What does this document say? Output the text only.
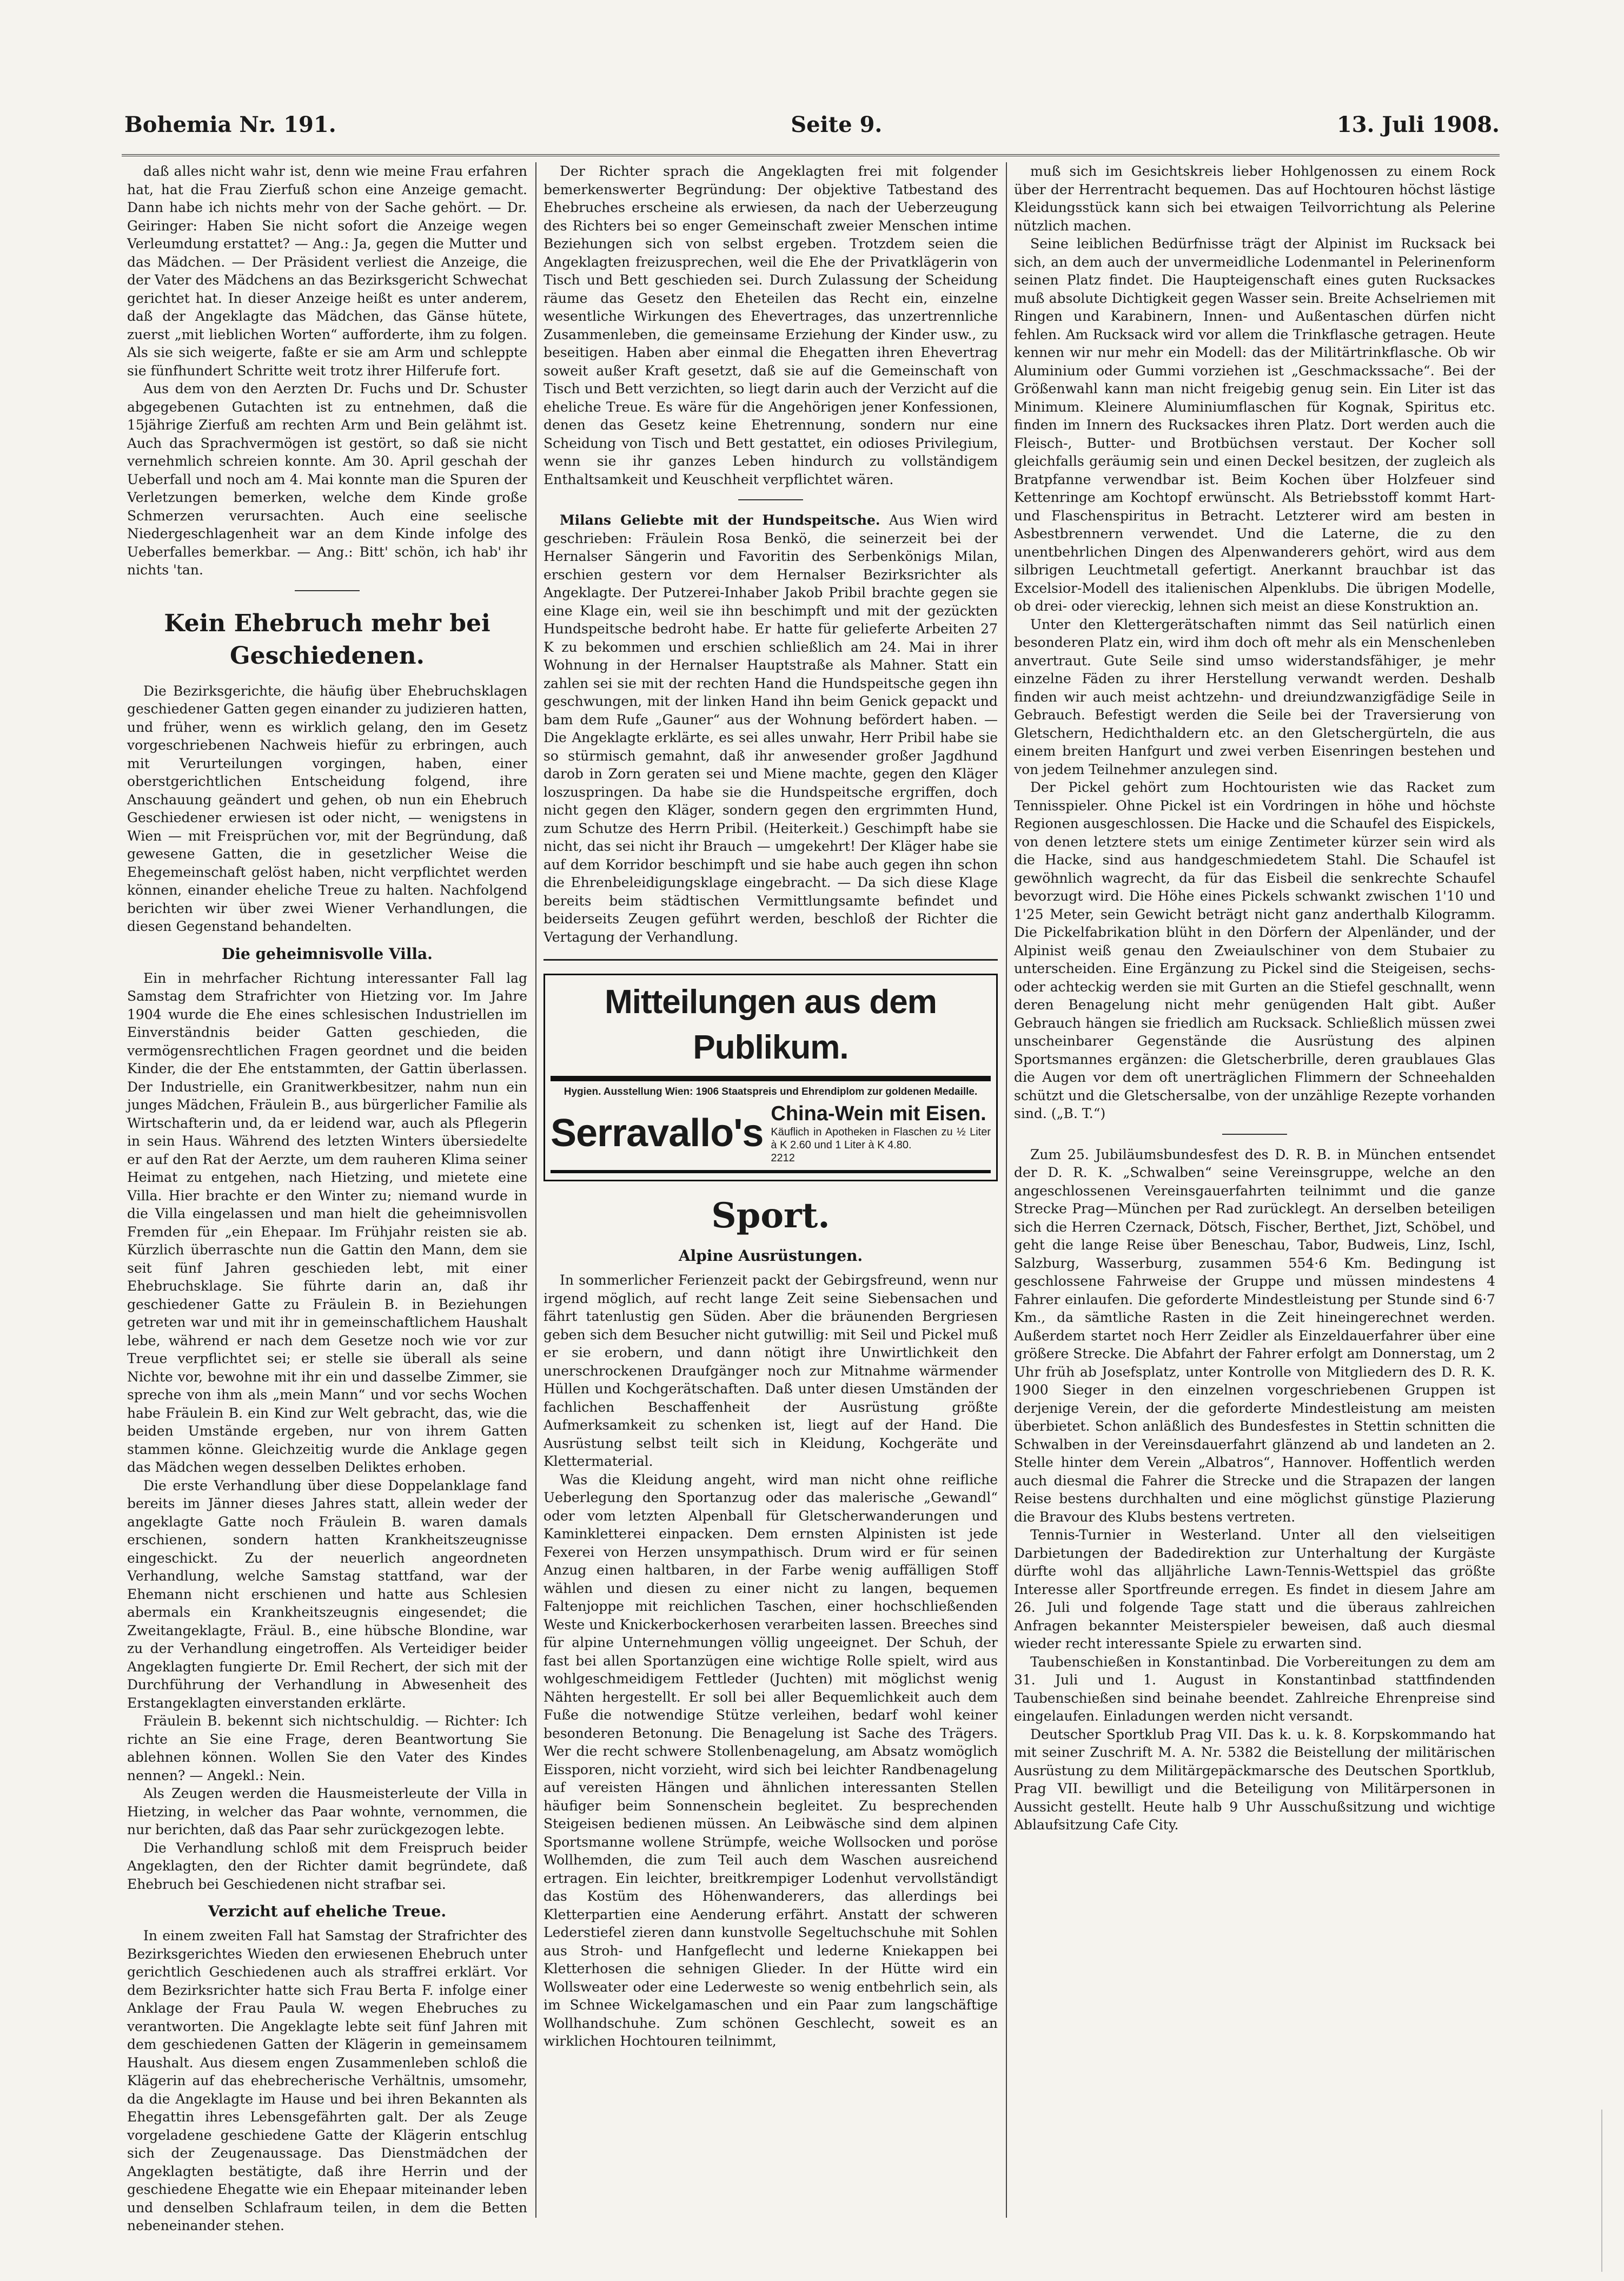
Bohemia Nr. 191.	Seite 9.	13. Juli 1908.

daß alles nicht wahr ist, denn wie meine Frau erfahren hat, hat die Frau Zierfuß schon eine Anzeige gemacht. Dann habe ich nichts mehr von der Sache gehört. — Dr. Geiringer: Haben Sie nicht sofort die Anzeige wegen Verleumdung erstattet? — Ang.: Ja, gegen die Mutter und das Mädchen. — Der Präsident verliest die Anzeige, die der Vater des Mädchens an das Bezirksgericht Schwechat gerichtet hat. In dieser Anzeige heißt es unter anderem, daß der Angeklagte das Mädchen, das Gänse hütete, zuerst „mit lieblichen Worten“ aufforderte, ihm zu folgen. Als sie sich weigerte, faßte er sie am Arm und schleppte sie fünfhundert Schritte weit trotz ihrer Hilferufe fort.

Aus dem von den Aerzten Dr. Fuchs und Dr. Schuster abgegebenen Gutachten ist zu entnehmen, daß die 15jährige Zierfuß am rechten Arm und Bein gelähmt ist. Auch das Sprachvermögen ist gestört, so daß sie nicht vernehmlich schreien konnte. Am 30. April geschah der Ueberfall und noch am 4. Mai konnte man die Spuren der Verletzungen bemerken, welche dem Kinde große Schmerzen verursachten. Auch eine seelische Niedergeschlagenheit war an dem Kinde infolge des Ueberfalles bemerkbar. — Ang.: Bitt' schön, ich hab' ihr nichts 'tan.

Kein Ehebruch mehr bei Geschiedenen.

Die Bezirksgerichte, die häufig über Ehebruchsklagen geschiedener Gatten gegen einander zu judizieren hatten, und früher, wenn es wirklich gelang, den im Gesetz vorgeschriebenen Nachweis hiefür zu erbringen, auch mit Verurteilungen vorgingen, haben, einer oberstgerichtlichen Entscheidung folgend, ihre Anschauung geändert und gehen, ob nun ein Ehebruch Geschiedener erwiesen ist oder nicht, — wenigstens in Wien — mit Freisprüchen vor, mit der Begründung, daß gewesene Gatten, die in gesetzlicher Weise die Ehegemeinschaft gelöst haben, nicht verpflichtet werden können, einander eheliche Treue zu halten. Nachfolgend berichten wir über zwei Wiener Verhandlungen, die diesen Gegenstand behandelten.

Die geheimnisvolle Villa.

Ein in mehrfacher Richtung interessanter Fall lag Samstag dem Strafrichter von Hietzing vor. Im Jahre 1904 wurde die Ehe eines schlesischen Industriellen im Einverständnis beider Gatten geschieden, die vermögensrechtlichen Fragen geordnet und die beiden Kinder, die der Ehe entstammten, der Gattin überlassen. Der Industrielle, ein Granitwerkbesitzer, nahm nun ein junges Mädchen, Fräulein B., aus bürgerlicher Familie als Wirtschafterin und, da er leidend war, auch als Pflegerin in sein Haus. Während des letzten Winters übersiedelte er auf den Rat der Aerzte, um dem rauheren Klima seiner Heimat zu entgehen, nach Hietzing, und mietete eine Villa. Hier brachte er den Winter zu; niemand wurde in die Villa eingelassen und man hielt die geheimnisvollen Fremden für „ein Ehepaar. Im Frühjahr reisten sie ab. Kürzlich überraschte nun die Gattin den Mann, dem sie seit fünf Jahren geschieden lebt, mit einer Ehebruchsklage. Sie führte darin an, daß ihr geschiedener Gatte zu Fräulein B. in Beziehungen getreten war und mit ihr in gemeinschaftlichem Haushalt lebe, während er nach dem Gesetze noch wie vor zur Treue verpflichtet sei; er stelle sie überall als seine Nichte vor, bewohne mit ihr ein und dasselbe Zimmer, sie spreche von ihm als „mein Mann“ und vor sechs Wochen habe Fräulein B. ein Kind zur Welt gebracht, das, wie die beiden Umstände ergeben, nur von ihrem Gatten stammen könne. Gleichzeitig wurde die Anklage gegen das Mädchen wegen desselben Deliktes erhoben.

Die erste Verhandlung über diese Doppelanklage fand bereits im Jänner dieses Jahres statt, allein weder der angeklagte Gatte noch Fräulein B. waren damals erschienen, sondern hatten Krankheitszeugnisse eingeschickt. Zu der neuerlich angeordneten Verhandlung, welche Samstag stattfand, war der Ehemann nicht erschienen und hatte aus Schlesien abermals ein Krankheitszeugnis eingesendet; die Zweitangeklagte, Fräul. B., eine hübsche Blondine, war zu der Verhandlung eingetroffen. Als Verteidiger beider Angeklagten fungierte Dr. Emil Rechert, der sich mit der Durchführung der Verhandlung in Abwesenheit des Erstangeklagten einverstanden erklärte.

Fräulein B. bekennt sich nichtschuldig. — Richter: Ich richte an Sie eine Frage, deren Beantwortung Sie ablehnen können. Wollen Sie den Vater des Kindes nennen? — Angekl.: Nein.

Als Zeugen werden die Hausmeisterleute der Villa in Hietzing, in welcher das Paar wohnte, vernommen, die nur berichten, daß das Paar sehr zurückgezogen lebte.

Die Verhandlung schloß mit dem Freispruch beider Angeklagten, den der Richter damit begründete, daß Ehebruch bei Geschiedenen nicht strafbar sei.

Verzicht auf eheliche Treue.

In einem zweiten Fall hat Samstag der Strafrichter des Bezirksgerichtes Wieden den erwiesenen Ehebruch unter gerichtlich Geschiedenen auch als straffrei erklärt. Vor dem Bezirksrichter hatte sich Frau Berta F. infolge einer Anklage der Frau Paula W. wegen Ehebruches zu verantworten. Die Angeklagte lebte seit fünf Jahren mit dem geschiedenen Gatten der Klägerin in gemeinsamem Haushalt. Aus diesem engen Zusammenleben schloß die Klägerin auf das ehebrecherische Verhältnis, umsomehr, da die Angeklagte im Hause und bei ihren Bekannten als Ehegattin ihres Lebensgefährten galt. Der als Zeuge vorgeladene geschiedene Gatte der Klägerin entschlug sich der Zeugenaussage. Das Dienstmädchen der Angeklagten bestätigte, daß ihre Herrin und der geschiedene Ehegatte wie ein Ehepaar miteinander leben und denselben Schlafraum teilen, in dem die Betten nebeneinander stehen.

Der Richter sprach die Angeklagten frei mit folgender bemerkenswerter Begründung: Der objektive Tatbestand des Ehebruches erscheine als erwiesen, da nach der Ueberzeugung des Richters bei so enger Gemeinschaft zweier Menschen intime Beziehungen sich von selbst ergeben. Trotzdem seien die Angeklagten freizusprechen, weil die Ehe der Privatklägerin von Tisch und Bett geschieden sei. Durch Zulassung der Scheidung räume das Gesetz den Eheteilen das Recht ein, einzelne wesentliche Wirkungen des Ehevertrages, das unzertrennliche Zusammenleben, die gemeinsame Erziehung der Kinder usw., zu beseitigen. Haben aber einmal die Ehegatten ihren Ehevertrag soweit außer Kraft gesetzt, daß sie auf die Gemeinschaft von Tisch und Bett verzichten, so liegt darin auch der Verzicht auf die eheliche Treue. Es wäre für die Angehörigen jener Konfessionen, denen das Gesetz keine Ehetrennung, sondern nur eine Scheidung von Tisch und Bett gestattet, ein odioses Privilegium, wenn sie ihr ganzes Leben hindurch zu vollständigem Enthaltsamkeit und Keuschheit verpflichtet wären.

Milans Geliebte mit der Hundspeitsche. Aus Wien wird geschrieben: Fräulein Rosa Benkö, die seinerzeit bei der Hernalser Sängerin und Favoritin des Serbenkönigs Milan, erschien gestern vor dem Hernalser Bezirksrichter als Angeklagte. Der Putzerei-Inhaber Jakob Pribil brachte gegen sie eine Klage ein, weil sie ihn beschimpft und mit der gezückten Hundspeitsche bedroht habe. Er hatte für gelieferte Arbeiten 27 K zu bekommen und erschien schließlich am 24. Mai in ihrer Wohnung in der Hernalser Hauptstraße als Mahner. Statt ein zahlen sei sie mit der rechten Hand die Hundspeitsche gegen ihn geschwungen, mit der linken Hand ihn beim Genick gepackt und bam dem Rufe „Gauner“ aus der Wohnung befördert haben. — Die Angeklagte erklärte, es sei alles unwahr, Herr Pribil habe sie so stürmisch gemahnt, daß ihr anwesender großer Jagdhund darob in Zorn geraten sei und Miene machte, gegen den Kläger loszuspringen. Da habe sie die Hundspeitsche ergriffen, doch nicht gegen den Kläger, sondern gegen den ergrimmten Hund, zum Schutze des Herrn Pribil. (Heiterkeit.) Geschimpft habe sie nicht, das sei nicht ihr Brauch — umgekehrt! Der Kläger habe sie auf dem Korridor beschimpft und sie habe auch gegen ihn schon die Ehrenbeleidigungsklage eingebracht. — Da sich diese Klage bereits beim städtischen Vermittlungsamte befindet und beiderseits Zeugen geführt werden, beschloß der Richter die Vertagung der Verhandlung.

Mitteilungen aus dem Publikum.
Hygien. Ausstellung Wien: 1906 Staatspreis und Ehrendiplom zur goldenen Medaille.
Serravallo's China-Wein mit Eisen.
Käuflich in Apotheken in Flaschen zu ½ Liter à K 2.60 und 1 Liter à K 4.80.
2212
Sport.
Alpine Ausrüstungen.

In sommerlicher Ferienzeit packt der Gebirgsfreund, wenn nur irgend möglich, auf recht lange Zeit seine Siebensachen und fährt tatenlustig gen Süden. Aber die bräunenden Bergriesen geben sich dem Besucher nicht gutwillig: mit Seil und Pickel muß er sie erobern, und dann nötigt ihre Unwirtlichkeit den unerschrockenen Draufgänger noch zur Mitnahme wärmender Hüllen und Kochgerätschaften. Daß unter diesen Umständen der fachlichen Beschaffenheit der Ausrüstung größte Aufmerksamkeit zu schenken ist, liegt auf der Hand. Die Ausrüstung selbst teilt sich in Kleidung, Kochgeräte und Klettermaterial.

Was die Kleidung angeht, wird man nicht ohne reifliche Ueberlegung den Sportanzug oder das malerische „Gewandl“ oder vom letzten Alpenball für Gletscherwanderungen und Kaminkletterei einpacken. Dem ernsten Alpinisten ist jede Fexerei von Herzen unsympathisch. Drum wird er für seinen Anzug einen haltbaren, in der Farbe wenig auffälligen Stoff wählen und diesen zu einer nicht zu langen, bequemen Faltenjoppe mit reichlichen Taschen, einer hochschließenden Weste und Knickerbockerhosen verarbeiten lassen. Breeches sind für alpine Unternehmungen völlig ungeeignet. Der Schuh, der fast bei allen Sportanzügen eine wichtige Rolle spielt, wird aus wohlgeschmeidigem Fettleder (Juchten) mit möglichst wenig Nähten hergestellt. Er soll bei aller Bequemlichkeit auch dem Fuße die notwendige Stütze verleihen, bedarf wohl keiner besonderen Betonung. Die Benagelung ist Sache des Trägers. Wer die recht schwere Stollenbenagelung, am Absatz womöglich Eissporen, nicht vorzieht, wird sich bei leichter Randbenagelung auf vereisten Hängen und ähnlichen interessanten Stellen häufiger beim Sonnenschein begleitet. Zu besprechenden Steigeisen bedienen müssen. An Leibwäsche sind dem alpinen Sportsmanne wollene Strümpfe, weiche Wollsocken und poröse Wollhemden, die zum Teil auch dem Waschen ausreichend ertragen. Ein leichter, breitkrempiger Lodenhut vervollständigt das Kostüm des Höhenwanderers, das allerdings bei Kletterpartien eine Aenderung erfährt. Anstatt der schweren Lederstiefel zieren dann kunstvolle Segeltuchschuhe mit Sohlen aus Stroh- und Hanfgeflecht und lederne Kniekappen bei Kletterhosen die sehnigen Glieder. In der Hütte wird ein Wollsweater oder eine Lederweste so wenig entbehrlich sein, als im Schnee Wickelgamaschen und ein Paar zum langschäftige Wollhandschuhe. Zum schönen Geschlecht, soweit es an wirklichen Hochtouren teilnimmt,

muß sich im Gesichtskreis lieber Hohlgenossen zu einem Rock über der Herrentracht bequemen. Das auf Hochtouren höchst lästige Kleidungsstück kann sich bei etwaigen Teilvorrichtung als Pelerine nützlich machen.

Seine leiblichen Bedürfnisse trägt der Alpinist im Rucksack bei sich, an dem auch der unvermeidliche Lodenmantel in Pelerinenform seinen Platz findet. Die Haupteigenschaft eines guten Rucksackes muß absolute Dichtigkeit gegen Wasser sein. Breite Achselriemen mit Ringen und Karabinern, Innen- und Außentaschen dürfen nicht fehlen. Am Rucksack wird vor allem die Trinkflasche getragen. Heute kennen wir nur mehr ein Modell: das der Militärtrinkflasche. Ob wir Aluminium oder Gummi vorziehen ist „Geschmackssache“. Bei der Größenwahl kann man nicht freigebig genug sein. Ein Liter ist das Minimum. Kleinere Aluminiumflaschen für Kognak, Spiritus etc. finden im Innern des Rucksackes ihren Platz. Dort werden auch die Fleisch-, Butter- und Brotbüchsen verstaut. Der Kocher soll gleichfalls geräumig sein und einen Deckel besitzen, der zugleich als Bratpfanne verwendbar ist. Beim Kochen über Holzfeuer sind Kettenringe am Kochtopf erwünscht. Als Betriebsstoff kommt Hart- und Flaschenspiritus in Betracht. Letzterer wird am besten in Asbestbrennern verwendet. Und die Laterne, die zu den unentbehrlichen Dingen des Alpenwanderers gehört, wird aus dem silbrigen Leuchtmetall gefertigt. Anerkannt brauchbar ist das Excelsior-Modell des italienischen Alpenklubs. Die übrigen Modelle, ob drei- oder viereckig, lehnen sich meist an diese Konstruktion an.

Unter den Klettergerätschaften nimmt das Seil natürlich einen besonderen Platz ein, wird ihm doch oft mehr als ein Menschenleben anvertraut. Gute Seile sind umso widerstandsfähiger, je mehr einzelne Fäden zu ihrer Herstellung verwandt werden. Deshalb finden wir auch meist achtzehn- und dreiundzwanzigfädige Seile in Gebrauch. Befestigt werden die Seile bei der Traversierung von Gletschern, Hedichthaldern etc. an den Gletschergürteln, die aus einem breiten Hanfgurt und zwei verben Eisenringen bestehen und von jedem Teilnehmer anzulegen sind.

Der Pickel gehört zum Hochtouristen wie das Racket zum Tennisspieler. Ohne Pickel ist ein Vordringen in höhe und höchste Regionen ausgeschlossen. Die Hacke und die Schaufel des Eispickels, von denen letztere stets um einige Zentimeter kürzer sein wird als die Hacke, sind aus handgeschmiedetem Stahl. Die Schaufel ist gewöhnlich wagrecht, da für das Eisbeil die senkrechte Schaufel bevorzugt wird. Die Höhe eines Pickels schwankt zwischen 1'10 und 1'25 Meter, sein Gewicht beträgt nicht ganz anderthalb Kilogramm. Die Pickelfabrikation blüht in den Dörfern der Alpenländer, und der Alpinist weiß genau den Zweiaulschiner von dem Stubaier zu unterscheiden. Eine Ergänzung zu Pickel sind die Steigeisen, sechs- oder achteckig werden sie mit Gurten an die Stiefel geschnallt, wenn deren Benagelung nicht mehr genügenden Halt gibt. Außer Gebrauch hängen sie friedlich am Rucksack. Schließlich müssen zwei unscheinbarer Gegenstände die Ausrüstung des alpinen Sportsmannes ergänzen: die Gletscherbrille, deren graublaues Glas die Augen vor dem oft unerträglichen Flimmern der Schneehalden schützt und die Gletschersalbe, von der unzählige Rezepte vorhanden sind. („B. T.“)

Zum 25. Jubiläumsbundesfest des D. R. B. in München entsendet der D. R. K. „Schwalben“ seine Vereinsgruppe, welche an den angeschlossenen Vereinsgauerfahrten teilnimmt und die ganze Strecke Prag—München per Rad zurücklegt. An derselben beteiligen sich die Herren Czernack, Dötsch, Fischer, Berthet, Jizt, Schöbel, und geht die lange Reise über Beneschau, Tabor, Budweis, Linz, Ischl, Salzburg, Wasserburg, zusammen 554·6 Km. Bedingung ist geschlossene Fahrweise der Gruppe und müssen mindestens 4 Fahrer einlaufen. Die geforderte Mindestleistung per Stunde sind 6·7 Km., da sämtliche Rasten in die Zeit hineingerechnet werden. Außerdem startet noch Herr Zeidler als Einzeldauerfahrer über eine größere Strecke. Die Abfahrt der Fahrer erfolgt am Donnerstag, um 2 Uhr früh ab Josefsplatz, unter Kontrolle von Mitgliedern des D. R. K. 1900 Sieger in den einzelnen vorgeschriebenen Gruppen ist derjenige Verein, der die geforderte Mindestleistung am meisten überbietet. Schon anläßlich des Bundesfestes in Stettin schnitten die Schwalben in der Vereinsdauerfahrt glänzend ab und landeten an 2. Stelle hinter dem Verein „Albatros“, Hannover. Hoffentlich werden auch diesmal die Fahrer die Strecke und die Strapazen der langen Reise bestens durchhalten und eine möglichst günstige Plazierung die Bravour des Klubs bestens vertreten.

Tennis-Turnier in Westerland. Unter all den vielseitigen Darbietungen der Badedirektion zur Unterhaltung der Kurgäste dürfte wohl das alljährliche Lawn-Tennis-Wettspiel das größte Interesse aller Sportfreunde erregen. Es findet in diesem Jahre am 26. Juli und folgende Tage statt und die überaus zahlreichen Anfragen bekannter Meisterspieler beweisen, daß auch diesmal wieder recht interessante Spiele zu erwarten sind.

Taubenschießen in Konstantinbad. Die Vorbereitungen zu dem am 31. Juli und 1. August in Konstantinbad stattfindenden Taubenschießen sind beinahe beendet. Zahlreiche Ehrenpreise sind eingelaufen. Einladungen werden nicht versandt.

Deutscher Sportklub Prag VII. Das k. u. k. 8. Korpskommando hat mit seiner Zuschrift M. A. Nr. 5382 die Beistellung der militärischen Ausrüstung zu dem Militärgepäckmarsche des Deutschen Sportklub, Prag VII. bewilligt und die Beteiligung von Militärpersonen in Aussicht gestellt. Heute halb 9 Uhr Ausschußsitzung und wichtige Ablaufsitzung Cafe City.
